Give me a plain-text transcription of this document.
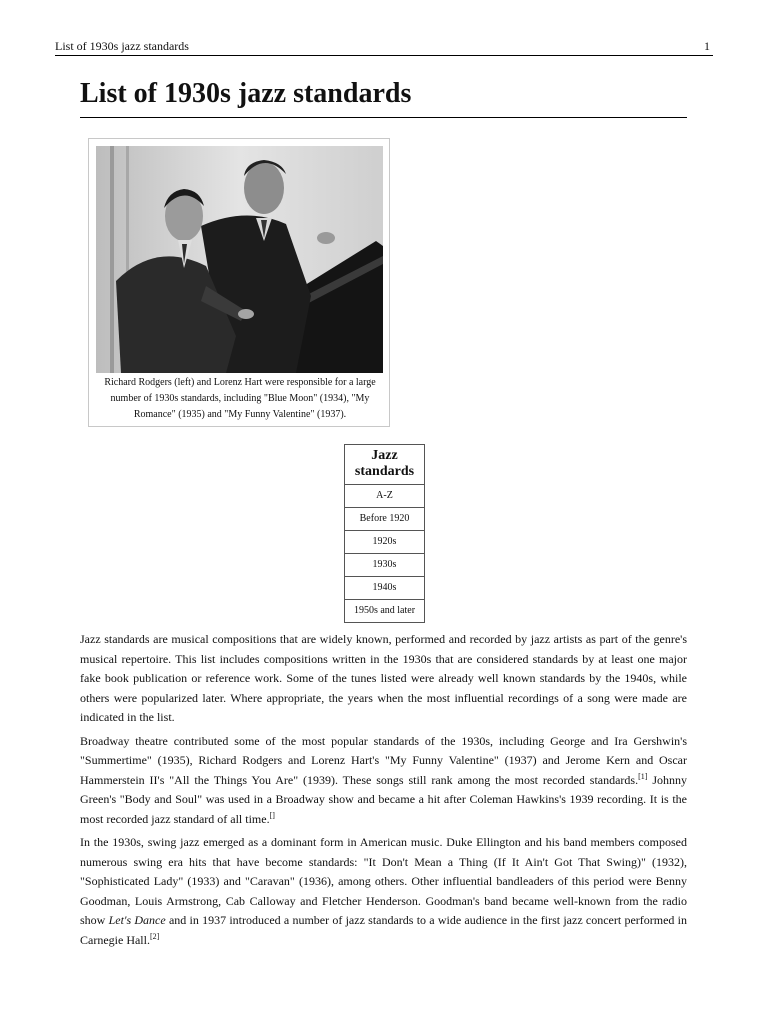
List of 1930s jazz standards	1
List of 1930s jazz standards
Richard Rodgers (left) and Lorenz Hart were responsible for a large number of 1930s standards, including "Blue Moon" (1934), "My Romance" (1935) and "My Funny Valentine" (1937).
Jazz standards
A-Z
Before 1920
1920s
1930s
1940s
1950s and later

Jazz standards are musical compositions that are widely known, performed and recorded by jazz artists as part of the genre's musical repertoire. This list includes compositions written in the 1930s that are considered standards by at least one major fake book publication or reference work. Some of the tunes listed were already well known standards by the 1940s, while others were popularized later. Where appropriate, the years when the most influential recordings of a song were made are indicated in the list.

Broadway theatre contributed some of the most popular standards of the 1930s, including George and Ira Gershwin's "Summertime" (1935), Richard Rodgers and Lorenz Hart's "My Funny Valentine" (1937) and Jerome Kern and Oscar Hammerstein II's "All the Things You Are" (1939). These songs still rank among the most recorded standards.[1] Johnny Green's "Body and Soul" was used in a Broadway show and became a hit after Coleman Hawkins's 1939 recording. It is the most recorded jazz standard of all time.[]

In the 1930s, swing jazz emerged as a dominant form in American music. Duke Ellington and his band members composed numerous swing era hits that have become standards: "It Don't Mean a Thing (If It Ain't Got That Swing)" (1932), "Sophisticated Lady" (1933) and "Caravan" (1936), among others. Other influential bandleaders of this period were Benny Goodman, Louis Armstrong, Cab Calloway and Fletcher Henderson. Goodman's band became well-known from the radio show Let's Dance and in 1937 introduced a number of jazz standards to a wide audience in the first jazz concert performed in Carnegie Hall.[2]
